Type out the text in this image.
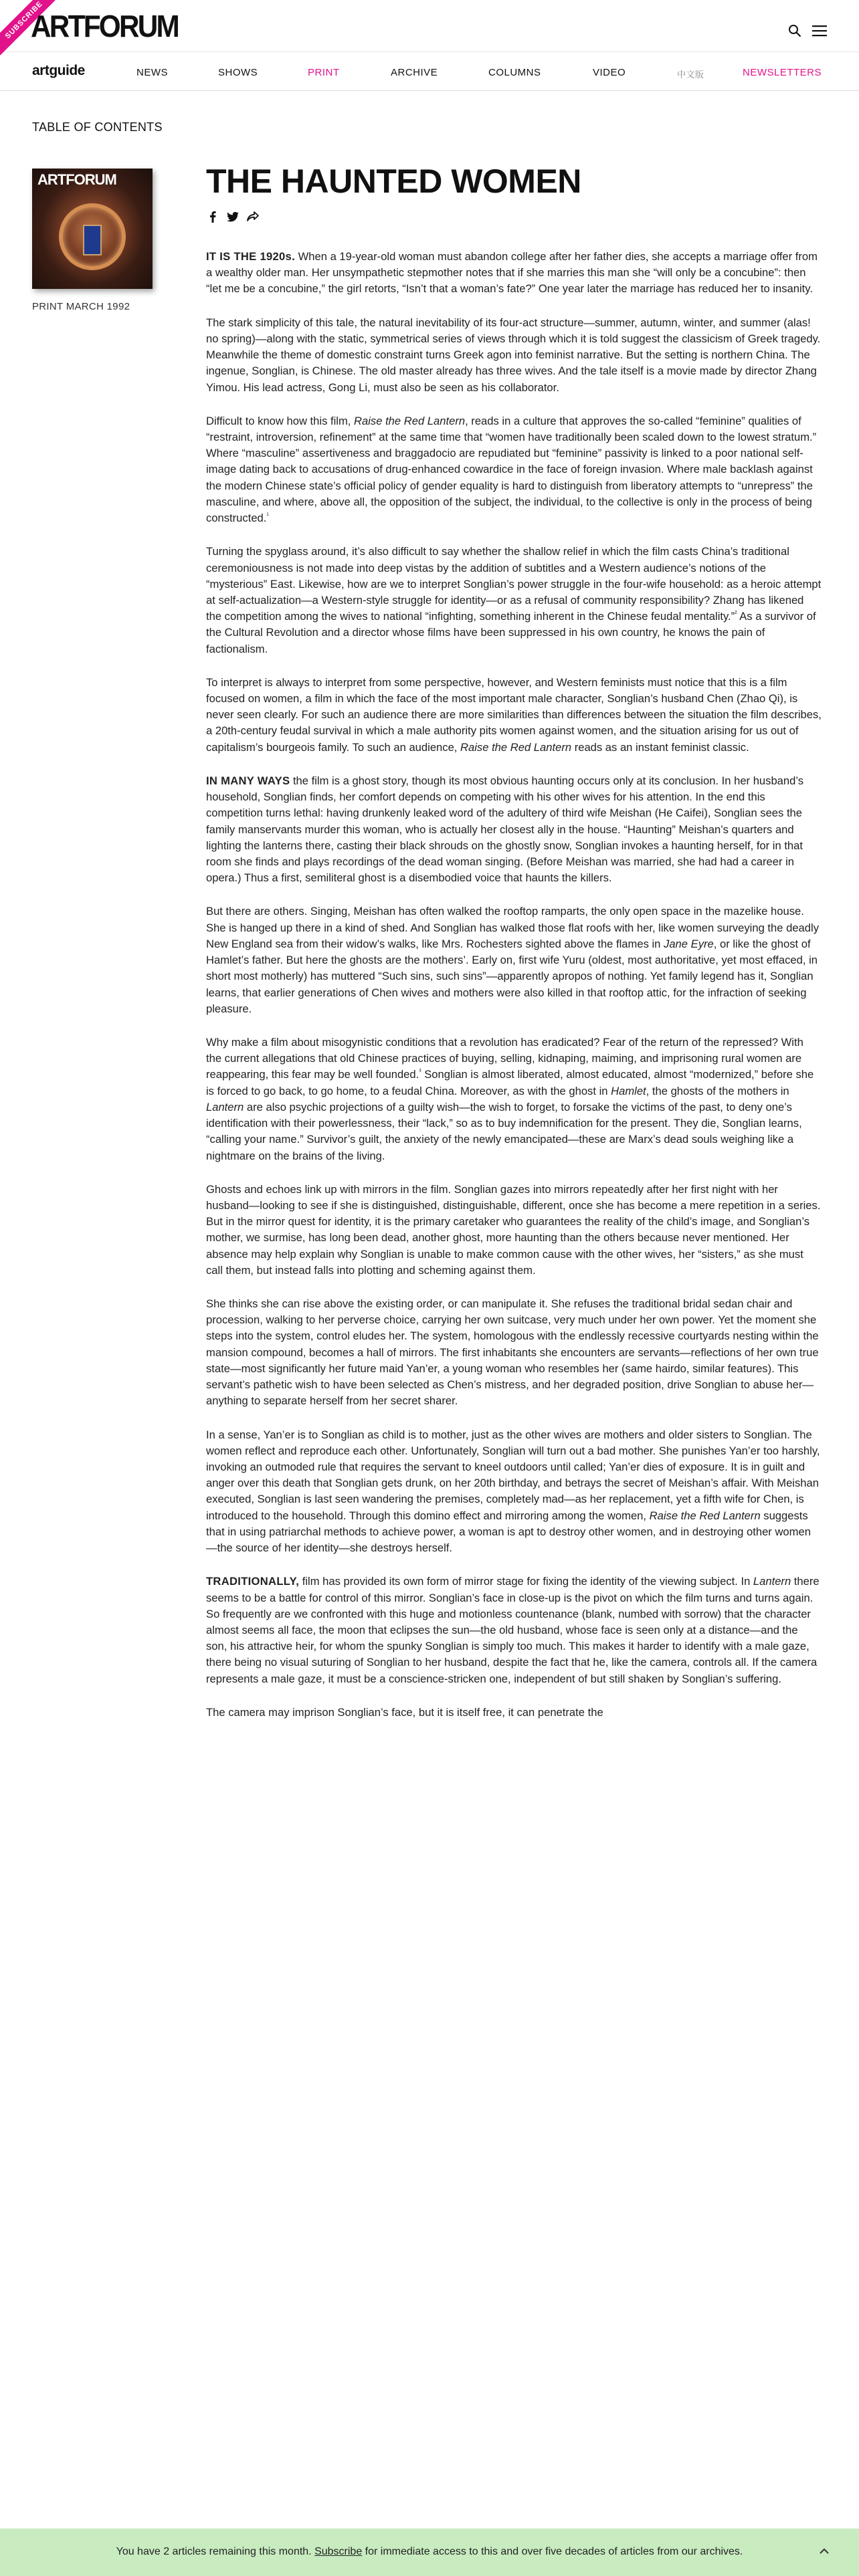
SUBSCRIBE
ARTFORUM
artguide	NEWS	SHOWS	PRINT	ARCHIVE	COLUMNS	VIDEO	中文版	NEWSLETTERS
TABLE OF CONTENTS
ARTFORUM
PRINT MARCH 1992
THE HAUNTED WOMEN

IT IS THE 1920s. When a 19-year-old woman must abandon college after her father dies, she accepts a marriage offer from a wealthy older man. Her unsympathetic stepmother notes that if she marries this man she “will only be a concubine”: then “let me be a concubine,” the girl retorts, “Isn’t that a woman’s fate?” One year later the marriage has reduced her to insanity.

The stark simplicity of this tale, the natural inevitability of its four-act structure—summer, autumn, winter, and summer (alas! no spring)—along with the static, symmetrical series of views through which it is told suggest the classicism of Greek tragedy. Meanwhile the theme of domestic constraint turns Greek agon into feminist narrative. But the setting is northern China. The ingenue, Songlian, is Chinese. The old master already has three wives. And the tale itself is a movie made by director Zhang Yimou. His lead actress, Gong Li, must also be seen as his collaborator.

Difficult to know how this film, Raise the Red Lantern, reads in a culture that approves the so-called “feminine” qualities of “restraint, introversion, refinement” at the same time that “women have traditionally been scaled down to the lowest stratum.” Where “masculine” assertiveness and braggadocio are repudiated but “feminine” passivity is linked to a poor national self-image dating back to accusations of drug-enhanced cowardice in the face of foreign invasion. Where male backlash against the modern Chinese state’s official policy of gender equality is hard to distinguish from liberatory attempts to “unrepress” the masculine, and where, above all, the opposition of the subject, the individual, to the collective is only in the process of being constructed.$^{^1}$

Turning the spyglass around, it’s also difficult to say whether the shallow relief in which the film casts China’s traditional ceremoniousness is not made into deep vistas by the addition of subtitles and a Western audience’s notions of the “mysterious” East. Likewise, how are we to interpret Songlian’s power struggle in the four-wife household: as a heroic attempt at self-actualization—a Western-style struggle for identity—or as a refusal of community responsibility? Zhang has likened the competition among the wives to national “infighting, something inherent in the Chinese feudal mentality.”$^{^2}$ As a survivor of the Cultural Revolution and a director whose films have been suppressed in his own country, he knows the pain of factionalism.

To interpret is always to interpret from some perspective, however, and Western feminists must notice that this is a film focused on women, a film in which the face of the most important male character, Songlian’s husband Chen (Zhao Qi), is never seen clearly. For such an audience there are more similarities than differences between the situation the film describes, a 20th-century feudal survival in which a male authority pits women against women, and the situation arising for us out of capitalism’s bourgeois family. To such an audience, Raise the Red Lantern reads as an instant feminist classic.

IN MANY WAYS the film is a ghost story, though its most obvious haunting occurs only at its conclusion. In her husband’s household, Songlian finds, her comfort depends on competing with his other wives for his attention. In the end this competition turns lethal: having drunkenly leaked word of the adultery of third wife Meishan (He Caifei), Songlian sees the family manservants murder this woman, who is actually her closest ally in the house. “Haunting” Meishan’s quarters and lighting the lanterns there, casting their black shrouds on the ghostly snow, Songlian invokes a haunting herself, for in that room she finds and plays recordings of the dead woman singing. (Before Meishan was married, she had had a career in opera.) Thus a first, semiliteral ghost is a disembodied voice that haunts the killers.

But there are others. Singing, Meishan has often walked the rooftop ramparts, the only open space in the mazelike house. She is hanged up there in a kind of shed. And Songlian has walked those flat roofs with her, like women surveying the deadly New England sea from their widow’s walks, like Mrs. Rochesters sighted above the flames in Jane Eyre, or like the ghost of Hamlet’s father. But here the ghosts are the mothers’. Early on, first wife Yuru (oldest, most authoritative, yet most effaced, in short most motherly) has muttered “Such sins, such sins”—apparently apropos of nothing. Yet family legend has it, Songlian learns, that earlier generations of Chen wives and mothers were also killed in that rooftop attic, for the infraction of seeking pleasure.

Why make a film about misogynistic conditions that a revolution has eradicated? Fear of the return of the repressed? With the current allegations that old Chinese practices of buying, selling, kidnaping, maiming, and imprisoning rural women are reappearing, this fear may be well founded.$^{^3}$ Songlian is almost liberated, almost educated, almost “modernized,” before she is forced to go back, to go home, to a feudal China. Moreover, as with the ghost in Hamlet, the ghosts of the mothers in Lantern are also psychic projections of a guilty wish—the wish to forget, to forsake the victims of the past, to deny one’s identification with their powerlessness, their “lack,” so as to buy indemnification for the present. They die, Songlian learns, “calling your name.” Survivor’s guilt, the anxiety of the newly emancipated—these are Marx’s dead souls weighing like a nightmare on the brains of the living.

Ghosts and echoes link up with mirrors in the film. Songlian gazes into mirrors repeatedly after her first night with her husband—looking to see if she is distinguished, distinguishable, different, once she has become a mere repetition in a series. But in the mirror quest for identity, it is the primary caretaker who guarantees the reality of the child’s image, and Songlian’s mother, we surmise, has long been dead, another ghost, more haunting than the others because never mentioned. Her absence may help explain why Songlian is unable to make common cause with the other wives, her “sisters,” as she must call them, but instead falls into plotting and scheming against them.

She thinks she can rise above the existing order, or can manipulate it. She refuses the traditional bridal sedan chair and procession, walking to her perverse choice, carrying her own suitcase, very much under her own power. Yet the moment she steps into the system, control eludes her. The system, homologous with the endlessly recessive courtyards nesting within the mansion compound, becomes a hall of mirrors. The first inhabitants she encounters are servants—reflections of her own true state—most significantly her future maid Yan’er, a young woman who resembles her (same hairdo, similar features). This servant’s pathetic wish to have been selected as Chen’s mistress, and her degraded position, drive Songlian to abuse her—anything to separate herself from her secret sharer.

In a sense, Yan’er is to Songlian as child is to mother, just as the other wives are mothers and older sisters to Songlian. The women reflect and reproduce each other. Unfortunately, Songlian will turn out a bad mother. She punishes Yan’er too harshly, invoking an outmoded rule that requires the servant to kneel outdoors until called; Yan’er dies of exposure. It is in guilt and anger over this death that Songlian gets drunk, on her 20th birthday, and betrays the secret of Meishan’s affair. With Meishan executed, Songlian is last seen wandering the premises, completely mad—as her replacement, yet a fifth wife for Chen, is introduced to the household. Through this domino effect and mirroring among the women, Raise the Red Lantern suggests that in using patriarchal methods to achieve power, a woman is apt to destroy other women, and in destroying other women—the source of her identity—she destroys herself.

TRADITIONALLY, film has provided its own form of mirror stage for fixing the identity of the viewing subject. In Lantern there seems to be a battle for control of this mirror. Songlian’s face in close-up is the pivot on which the film turns and turns again. So frequently are we confronted with this huge and motionless countenance (blank, numbed with sorrow) that the character almost seems all face, the moon that eclipses the sun—the old husband, whose face is seen only at a distance—and the son, his attractive heir, for whom the spunky Songlian is simply too much. This makes it harder to identify with a male gaze, there being no visual suturing of Songlian to her husband, despite the fact that he, like the camera, controls all. If the camera represents a male gaze, it must be a conscience-stricken one, independent of but still shaken by Songlian’s suffering.

The camera may imprison Songlian’s face, but it is itself free, it can penetrate the

You have 2 articles remaining this month. Subscribe for immediate access to this and over five decades of articles from our archives.
